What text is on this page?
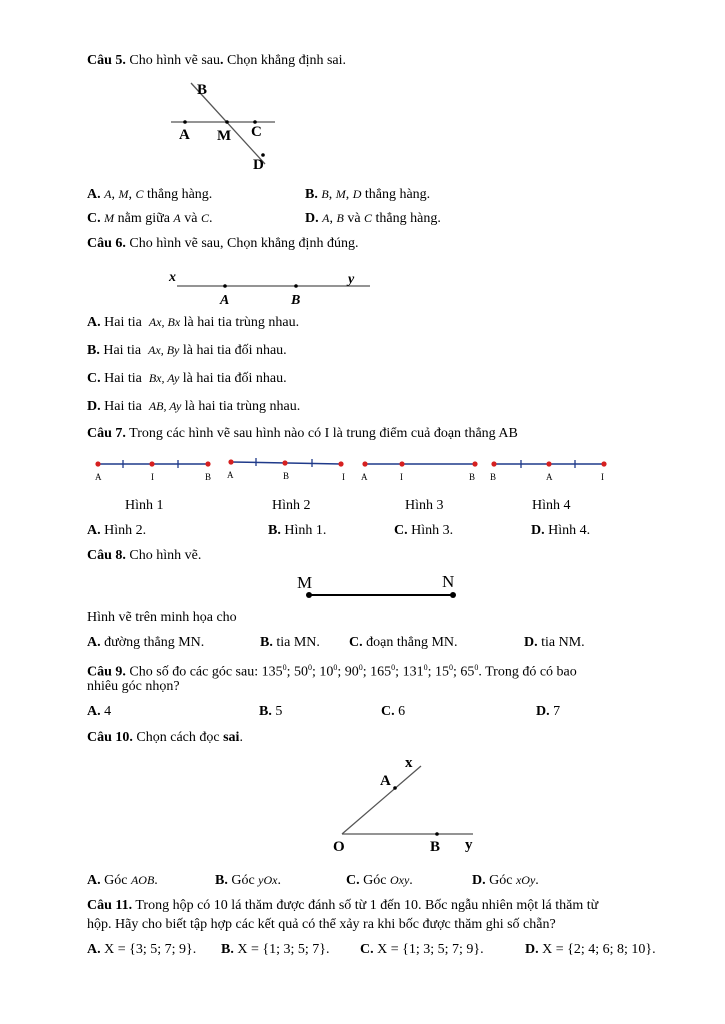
Câu 5. Cho hình vẽ sau. Chọn khẳng định sai.
B
A M C
D
A. A, M, C thẳng hàng.	B. B, M, D thẳng hàng.
C. M nằm giữa A và C.	D. A, B và C thẳng hàng.
Câu 6. Cho hình vẽ sau, Chọn khẳng định đúng.
x	y
A	B
A. Hai tia Ax, Bx là hai tia trùng nhau.
B. Hai tia Ax, By là hai tia đối nhau.
C. Hai tia Bx, Ay là hai tia đối nhau.
D. Hai tia AB, Ay là hai tia trùng nhau.
Câu 7. Trong các hình vẽ sau hình nào có I là trung điểm cuả đoạn thẳng AB
A	I	B A	B	I A	I	B B	A	I
Hình 1	Hình 2	Hình 3	Hình 4
A. Hình 2.	B. Hình 1.	C. Hình 3.	D. Hình 4.
Câu 8. Cho hình vẽ.
M	N
Hình vẽ trên minh họa cho
A. đường thẳng MN.	B. tia MN. C. đoạn thẳng MN.	D. tia NM.
Câu 9. Cho số đo các góc sau: $135^0$; $50^0$; $10^0$; $90^0$; $165^0$; $131^0$; $15^0$; $65^0$. Trong đó có bao
nhiêu góc nhọn?
A. 4	B. 5	C. 6	D. 7
Câu 10. Chọn cách đọc sai.
x
A
O	B y
A. Góc AOB.	B. Góc yOx.	C. Góc Oxy.	D. Góc xOy.
Câu 11. Trong hộp có 10 lá thăm được đánh số từ 1 đến 10. Bốc ngẫu nhiên một lá thăm từ
hộp. Hãy cho biết tập hợp các kết quả có thể xảy ra khi bốc được thăm ghi số chẵn?
A. X = {3; 5; 7; 9}. B. X = {1; 3; 5; 7}. C. X = {1; 3; 5; 7; 9}.	D. X = {2; 4; 6; 8; 10}.
